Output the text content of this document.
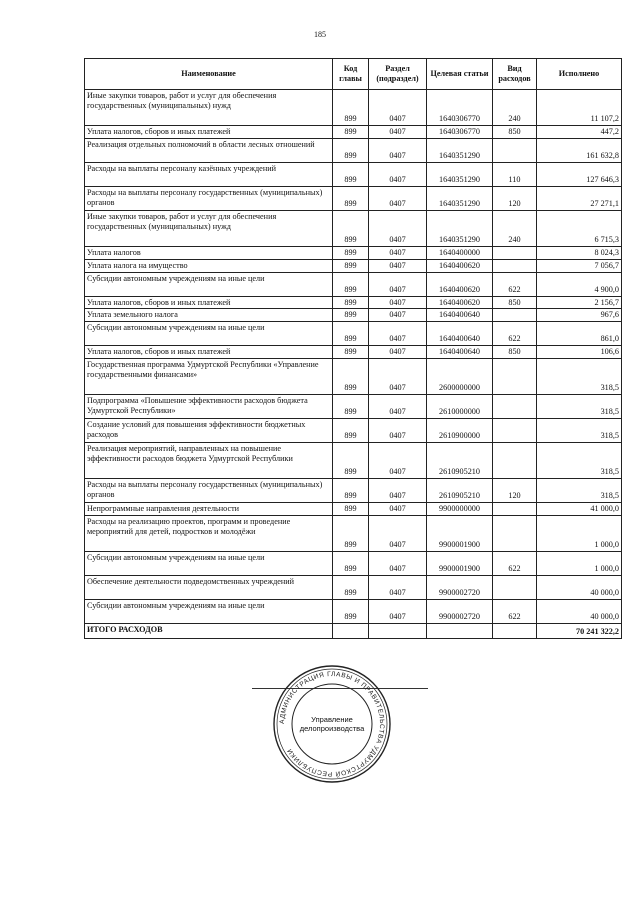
185
Наименование	Код главы	Раздел (подраздел)	Целевая статьи	Вид расходов	Исполнено
Иные закупки товаров, работ и услуг для обеспечения государственных (муниципальных) нужд	899	0407	1640306770	240	11 107,2
Уплата налогов, сборов и иных платежей	899	0407	1640306770	850	447,2
Реализация отдельных полномочий в области лесных отношений	899	0407	1640351290		161 632,8
Расходы на выплаты персоналу казённых учреждений	899	0407	1640351290	110	127 646,3
Расходы на выплаты персоналу государственных (муниципальных) органов	899	0407	1640351290	120	27 271,1
Иные закупки товаров, работ и услуг для обеспечения государственных (муниципальных) нужд	899	0407	1640351290	240	6 715,3
Уплата налогов	899	0407	1640400000		8 024,3
Уплата налога на имущество	899	0407	1640400620		7 056,7
Субсидии автономным учреждениям на иные цели	899	0407	1640400620	622	4 900,0
Уплата налогов, сборов и иных платежей	899	0407	1640400620	850	2 156,7
Уплата земельного налога	899	0407	1640400640		967,6
Субсидии автономным учреждениям на иные цели	899	0407	1640400640	622	861,0
Уплата налогов, сборов и иных платежей	899	0407	1640400640	850	106,6
Государственная программа Удмуртской Республики «Управление государственными финансами»	899	0407	2600000000		318,5
Подпрограмма «Повышение эффективности расходов бюджета Удмуртской Республики»	899	0407	2610000000		318,5
Создание условий для повышения эффективности бюджетных расходов	899	0407	2610900000		318,5
Реализация мероприятий, направленных на повышение эффективности расходов бюджета Удмуртской Республики	899	0407	2610905210		318,5
Расходы на выплаты персоналу государственных (муниципальных) органов	899	0407	2610905210	120	318,5
Непрограммные направления деятельности	899	0407	9900000000		41 000,0
Расходы на реализацию проектов, программ и проведение мероприятий для детей, подростков и молодёжи	899	0407	9900001900		1 000,0
Субсидии автономным учреждениям на иные цели	899	0407	9900001900	622	1 000,0
Обеспечение деятельности подведомственных учреждений	899	0407	9900002720		40 000,0
Субсидии автономным учреждениям на иные цели	899	0407	9900002720	622	40 000,0
ИТОГО РАСХОДОВ					70 241 322,2
АДМИНИСТРАЦИЯ ГЛАВЫ И ПРАВИТЕЛЬСТВА УДМУРТСКОЙ РЕСПУБЛИКИ
Управление
делопроизводства
